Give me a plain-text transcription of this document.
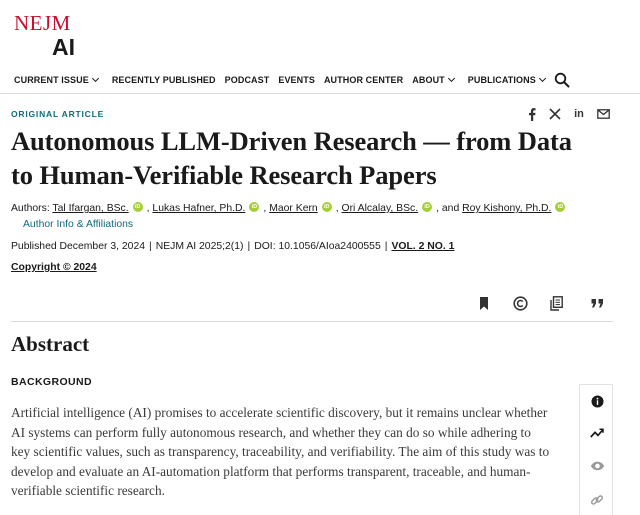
NEJM
AI
CURRENT ISSUE	RECENTLY PUBLISHED PODCAST EVENTS AUTHOR CENTER ABOUT	PUBLICATIONS
ORIGINAL ARTICLE	in
Autonomous LLM-Driven Research — from Data to Human-Verifiable Research Papers
Authors: Tal Ifargan, BSc. iD , Lukas Hafner, Ph.D. iD , Maor Kern iD , Ori Alcalay, BSc. iD , and Roy Kishony, Ph.D. iD
Author Info & Affiliations
Published December 3, 2024 | NEJM AI 2025;2(1) | DOI: 10.1056/AIoa2400555 | VOL. 2 NO. 1
Copyright © 2024
Abstract
BACKGROUND

Artificial intelligence (AI) promises to accelerate scientific discovery, but it remains unclear whether AI systems can perform fully autonomous research, and whether they can do so while adhering to key scientific values, such as transparency, traceability, and verifiability. The aim of this study was to develop and evaluate an AI-automation platform that performs transparent, traceable, and human-verifiable scientific research.
